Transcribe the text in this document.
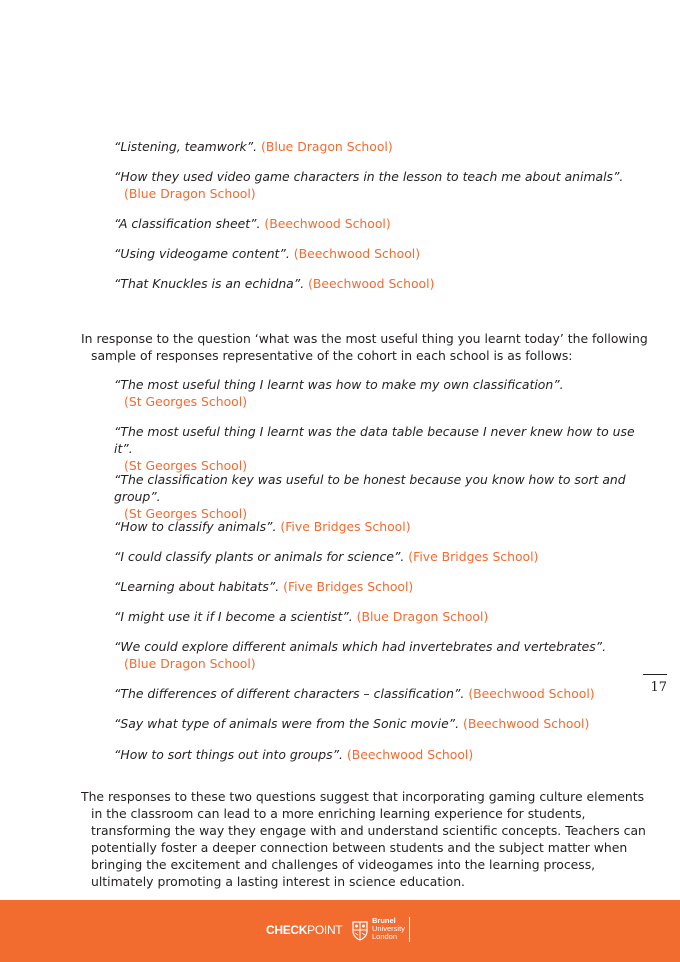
“Listening, teamwork”. (Blue Dragon School)
“How they used video game characters in the lesson to teach me about animals”.
(Blue Dragon School)
“A classification sheet”. (Beechwood School)
“Using videogame content”. (Beechwood School)
“That Knuckles is an echidna”. (Beechwood School)
In response to the question ‘what was the most useful thing you learnt today’ the following sample of responses representative of the cohort in each school is as follows:
“The most useful thing I learnt was how to make my own classification”.
(St Georges School)
“The most useful thing I learnt was the data table because I never knew how to use it”.
(St Georges School)
“The classification key was useful to be honest because you know how to sort and group”.
(St Georges School)
“How to classify animals”. (Five Bridges School)
“I could classify plants or animals for science”. (Five Bridges School)
“Learning about habitats”. (Five Bridges School)
“I might use it if I become a scientist”. (Blue Dragon School)
“We could explore different animals which had invertebrates and vertebrates”.
(Blue Dragon School)
“The differences of different characters – classification”. (Beechwood School)
“Say what type of animals were from the Sonic movie”. (Beechwood School)
“How to sort things out into groups”. (Beechwood School)
The responses to these two questions suggest that incorporating gaming culture elements in the classroom can lead to a more enriching learning experience for students, transforming the way they engage with and understand scientific concepts. Teachers can potentially foster a deeper connection between students and the subject matter when bringing the excitement and challenges of videogames into the learning process, ultimately promoting a lasting interest in science education.
17
CHECKPOINT
Brunel
University
London
